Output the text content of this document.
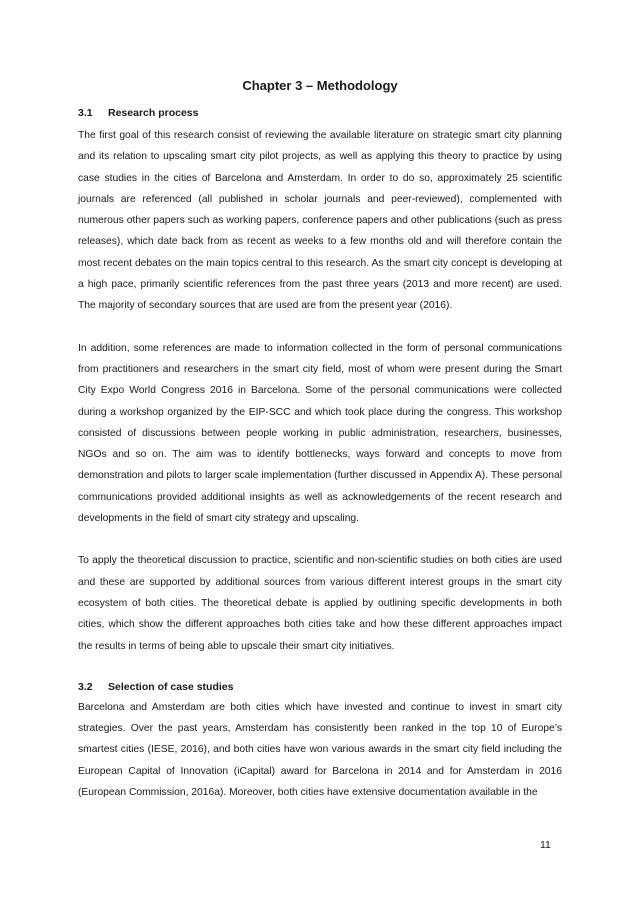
Chapter 3 – Methodology
3.1 Research process

The first goal of this research consist of reviewing the available literature on strategic smart city planning and its relation to upscaling smart city pilot projects, as well as applying this theory to practice by using case studies in the cities of Barcelona and Amsterdam. In order to do so, approximately 25 scientific journals are referenced (all published in scholar journals and peer-reviewed), complemented with numerous other papers such as working papers, conference papers and other publications (such as press releases), which date back from as recent as weeks to a few months old and will therefore contain the most recent debates on the main topics central to this research. As the smart city concept is developing at a high pace, primarily scientific references from the past three years (2013 and more recent) are used. The majority of secondary sources that are used are from the present year (2016).

In addition, some references are made to information collected in the form of personal communications from practitioners and researchers in the smart city field, most of whom were present during the Smart City Expo World Congress 2016 in Barcelona. Some of the personal communications were collected during a workshop organized by the EIP-SCC and which took place during the congress. This workshop consisted of discussions between people working in public administration, researchers, businesses, NGOs and so on. The aim was to identify bottlenecks, ways forward and concepts to move from demonstration and pilots to larger scale implementation (further discussed in Appendix A). These personal communications provided additional insights as well as acknowledgements of the recent research and developments in the field of smart city strategy and upscaling.

To apply the theoretical discussion to practice, scientific and non-scientific studies on both cities are used and these are supported by additional sources from various different interest groups in the smart city ecosystem of both cities. The theoretical debate is applied by outlining specific developments in both cities, which show the different approaches both cities take and how these different approaches impact the results in terms of being able to upscale their smart city initiatives.

3.2 Selection of case studies

Barcelona and Amsterdam are both cities which have invested and continue to invest in smart city strategies. Over the past years, Amsterdam has consistently been ranked in the top 10 of Europe’s smartest cities (IESE, 2016), and both cities have won various awards in the smart city field including the European Capital of Innovation (iCapital) award for Barcelona in 2014 and for Amsterdam in 2016 (European Commission, 2016a). Moreover, both cities have extensive documentation available in the

11
